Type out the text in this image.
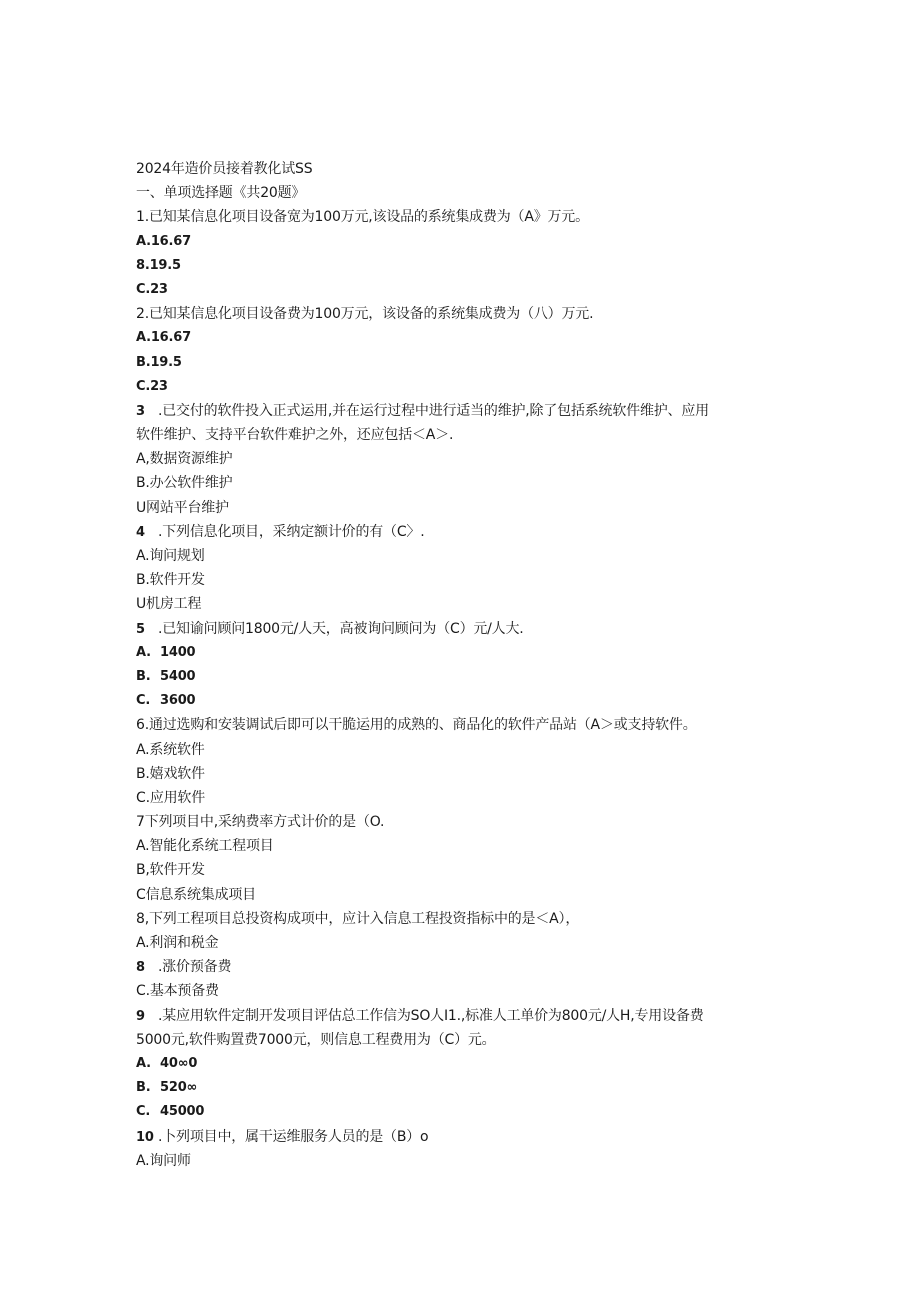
2024年造价员接着教化试SS
一、单项选择题《共20题》
1.已知某信息化项目设备宽为100万元,该设品的系统集成费为（A》万元。
A.16.67
8.19.5
C.23
2.已知某信息化项目设备费为100万元，该设备的系统集成费为（八）万元.
A.16.67
B.19.5
C.23
3 .已交付的软件投入正式运用,并在运行过程中进行适当的维护,除了包括系统软件维护、应用
软件维护、支持平台软件难护之外，还应包括＜A＞.
A,数据资源维护
B.办公软件维护
U网站平台维护
4 .下列信息化项目，采纳定额计价的有（C〉.
A.询问规划
B.软件开发
U机房工程
5 .已知谕问顾问1800元/人天，高被询问顾问为（C）元/人大.
A. 1400
B. 5400
C. 3600
6.通过选购和安装调试后即可以干脆运用的成熟的、商品化的软件产品站（A＞或支持软件。
A.系统软件
B.嬉戏软件
C.应用软件
7下列项目中,采纳费率方式计价的是（O.
A.智能化系统工程项目
B,软件开发
C信息系统集成项目
8,下列工程项目总投资构成项中，应计入信息工程投资指标中的是＜A），
A.利润和税金
8 .涨价预备费
C.基本预备费
9 .某应用软件定制开发项目评估总工作信为SO人I1.,标准人工单价为800元/人H,专用设备费
5000元,软件购置费7000元，则信息工程费用为（C）元。
A. 40∞0
B. 520∞
C. 45000
10 .卜列项目中，属干运维服务人员的是（B）o
A.询问师
